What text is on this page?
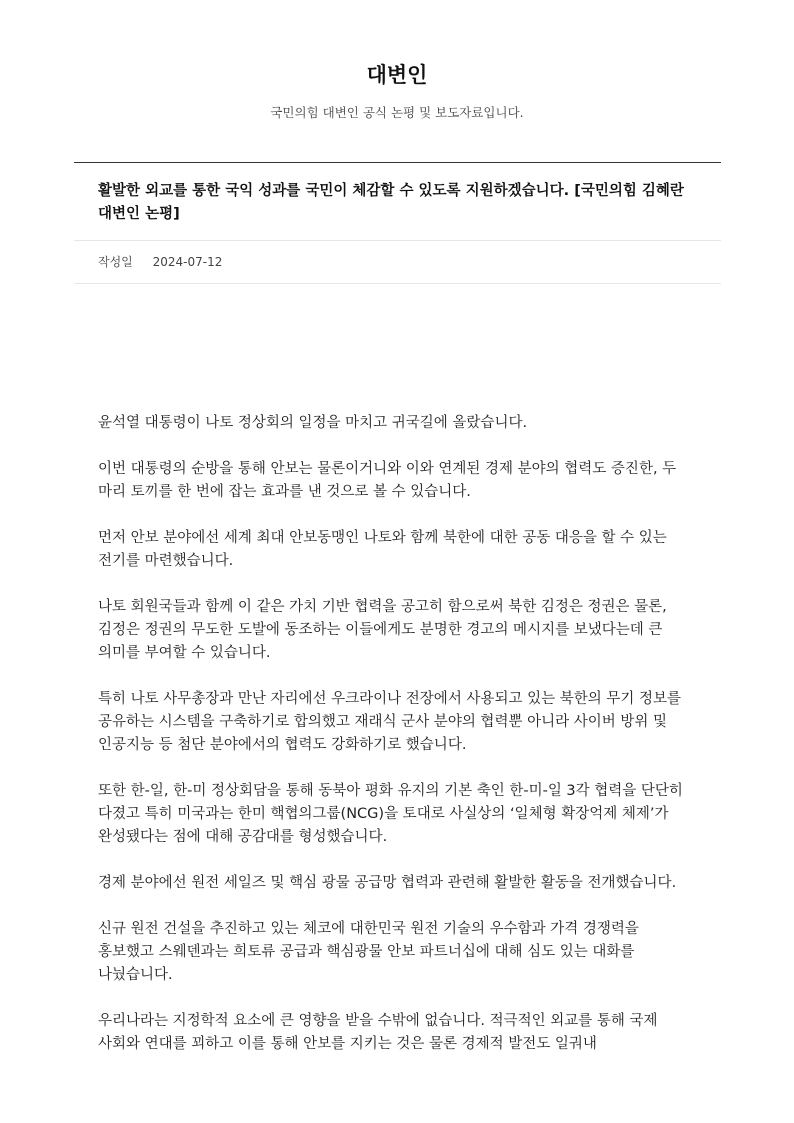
대변인
국민의힘 대변인 공식 논평 및 보도자료입니다.
활발한 외교를 통한 국익 성과를 국민이 체감할 수 있도록 지원하겠습니다. [국민의힘 김혜란 대변인 논평]
작성일 2024-07-12

윤석열 대통령이 나토 정상회의 일정을 마치고 귀국길에 올랐습니다.

이번 대통령의 순방을 통해 안보는 물론이거니와 이와 연계된 경제 분야의 협력도 증진한, 두 마리 토끼를 한 번에 잡는 효과를 낸 것으로 볼 수 있습니다.

먼저 안보 분야에선 세계 최대 안보동맹인 나토와 함께 북한에 대한 공동 대응을 할 수 있는 전기를 마련했습니다.

나토 회원국들과 함께 이 같은 가치 기반 협력을 공고히 함으로써 북한 김정은 정권은 물론, 김정은 정권의 무도한 도발에 동조하는 이들에게도 분명한 경고의 메시지를 보냈다는데 큰 의미를 부여할 수 있습니다.

특히 나토 사무총장과 만난 자리에선 우크라이나 전장에서 사용되고 있는 북한의 무기 정보를 공유하는 시스템을 구축하기로 합의했고 재래식 군사 분야의 협력뿐 아니라 사이버 방위 및 인공지능 등 첨단 분야에서의 협력도 강화하기로 했습니다.

또한 한-일, 한-미 정상회담을 통해 동북아 평화 유지의 기본 축인 한-미-일 3각 협력을 단단히 다졌고 특히 미국과는 한미 핵협의그룹(NCG)을 토대로 사실상의 ‘일체형 확장억제 체제’가 완성됐다는 점에 대해 공감대를 형성했습니다.

경제 분야에선 원전 세일즈 및 핵심 광물 공급망 협력과 관련해 활발한 활동을 전개했습니다.

신규 원전 건설을 추진하고 있는 체코에 대한민국 원전 기술의 우수함과 가격 경쟁력을 홍보했고 스웨덴과는 희토류 공급과 핵심광물 안보 파트너십에 대해 심도 있는 대화를 나눴습니다.

우리나라는 지정학적 요소에 큰 영향을 받을 수밖에 없습니다. 적극적인 외교를 통해 국제 사회와 연대를 꾀하고 이를 통해 안보를 지키는 것은 물론 경제적 발전도 일궈내
